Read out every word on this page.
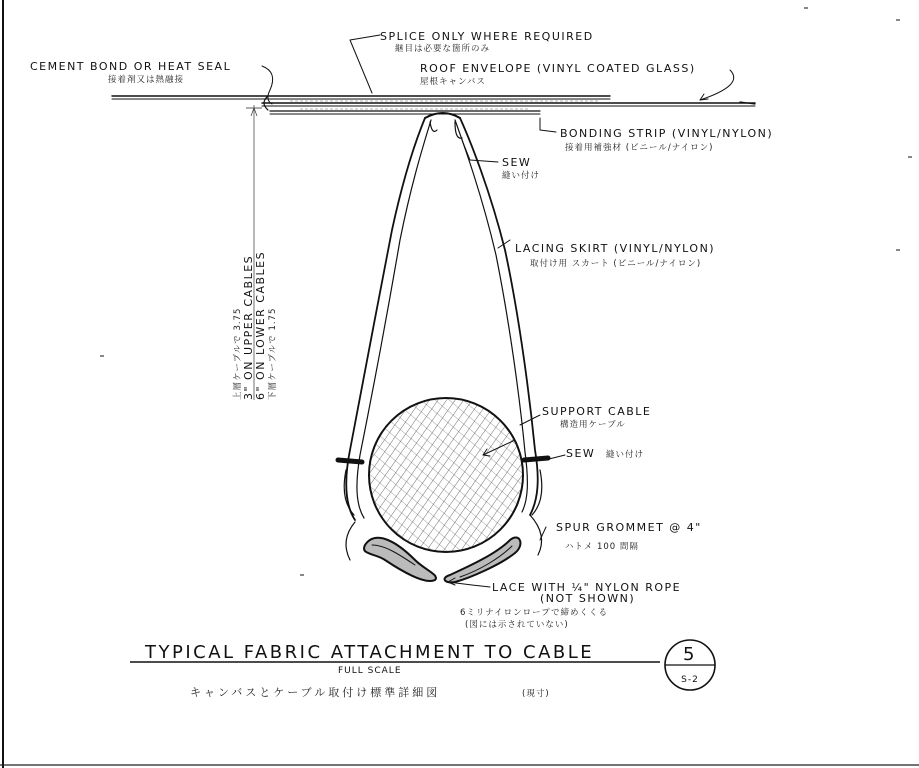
SPLICE ONLY WHERE REQUIRED
継目は必要な箇所のみ
CEMENT BOND OR HEAT SEAL
接着剤又は熱融接
ROOF ENVELOPE (VINYL COATED GLASS)
屋根キャンバス
BONDING STRIP (VINYL/NYLON)
接着用補強材 (ビニール/ナイロン)
SEW
縫い付け
LACING SKIRT (VINYL/NYLON)
取付け用 スカート (ビニール/ナイロン)
SUPPORT CABLE
構造用ケーブル
SEW 縫い付け
SPUR GROMMET @ 4"
ハトメ 100 間隔
LACE WITH ¼" NYLON ROPE
(NOT SHOWN)
6ミリナイロンロープで締めくくる
(図には示されていない)
上層ケーブルで 3.75 3" ON UPPER CABLES 6" ON LOWER CABLES 下層ケーブルで 1.75
TYPICAL FABRIC ATTACHMENT TO CABLE
FULL SCALE
キャンバスとケーブル取付け標準詳細図	(現寸)
5
S-2
